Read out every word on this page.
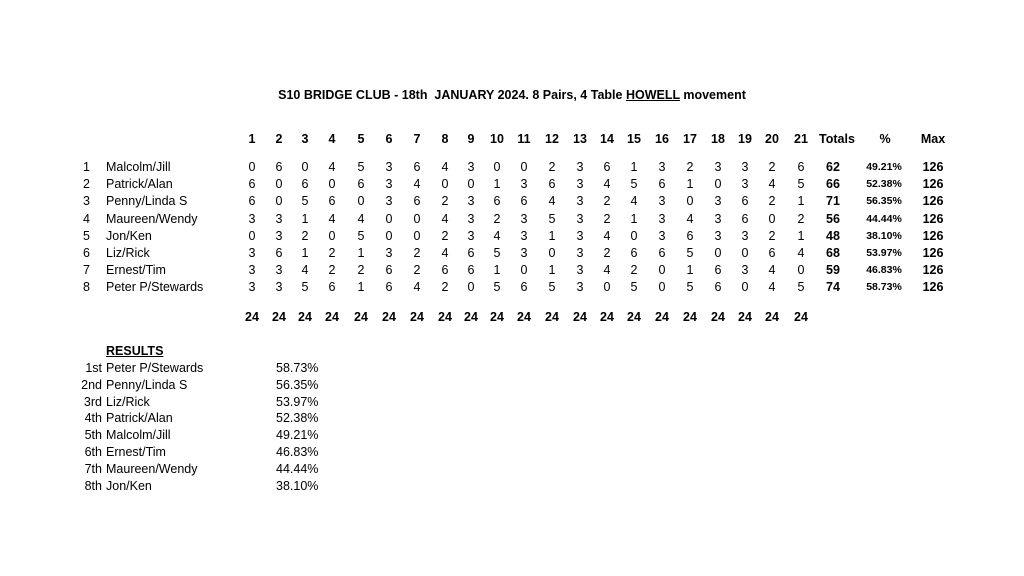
S10 BRIDGE CLUB - 18th  JANUARY 2024. 8 Pairs, 4 Table HOWELL movement
1	2	3	4	5	6	7	8	9	10 11 12 13 14 15 16 17 18 19 20 21 Totals	%	Max
1 Malcolm/Jill	0	6	0	4	5	3	6	4	3	0	0	2	3	6	1	3	2	3	3	2	6	62	49.21%	126
2 Patrick/Alan	6	0	6	0	6	3	4	0	0	1	3	6	3	4	5	6	1	0	3	4	5	66	52.38%	126
3 Penny/Linda S	6	0	5	6	0	3	6	2	3	6	6	4	3	2	4	3	0	3	6	2	1	71	56.35%	126
4 Maureen/Wendy	3	3	1	4	4	0	0	4	3	2	3	5	3	2	1	3	4	3	6	0	2	56	44.44%	126
5 Jon/Ken	0	3	2	0	5	0	0	2	3	4	3	1	3	4	0	3	6	3	3	2	1	48	38.10%	126
6 Liz/Rick	3	6	1	2	1	3	2	4	6	5	3	0	3	2	6	6	5	0	0	6	4	68	53.97%	126
7 Ernest/Tim	3	3	4	2	2	6	2	6	6	1	0	1	3	4	2	0	1	6	3	4	0	59	46.83%	126
8 Peter P/Stewards	3	3	5	6	1	6	4	2	0	5	6	5	3	0	5	0	5	6	0	4	5	74	58.73%	126
24	24 24	24	24	24	24	24 24 24	24	24	24	24	24	24	24	24	24	24	24
RESULTS
1st Peter P/Stewards	58.73%
2nd Penny/Linda S	56.35%
3rd Liz/Rick	53.97%
4th Patrick/Alan	52.38%
5th Malcolm/Jill	49.21%
6th Ernest/Tim	46.83%
7th Maureen/Wendy	44.44%
8th Jon/Ken	38.10%
